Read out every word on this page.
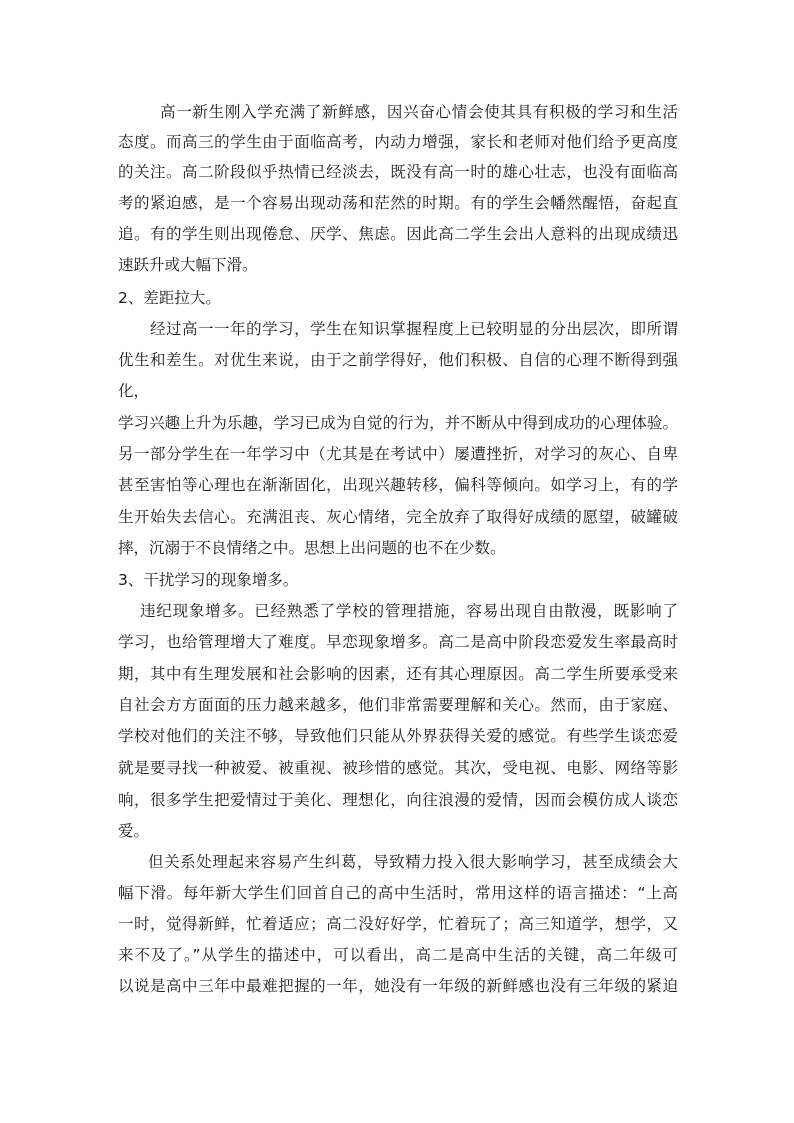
高一新生刚入学充满了新鲜感，因兴奋心情会使其具有积极的学习和生活
态度。而高三的学生由于面临高考，内动力增强，家长和老师对他们给予更高度
的关注。高二阶段似乎热情已经淡去，既没有高一时的雄心壮志，也没有面临高
考的紧迫感，是一个容易出现动荡和茫然的时期。有的学生会幡然醒悟，奋起直
追。有的学生则出现倦怠、厌学、焦虑。因此高二学生会出人意料的出现成绩迅
速跃升或大幅下滑。
2、差距拉大。
经过高一一年的学习，学生在知识掌握程度上已较明显的分出层次，即所谓
优生和差生。对优生来说，由于之前学得好，他们积极、自信的心理不断得到强
化，
学习兴趣上升为乐趣，学习已成为自觉的行为，并不断从中得到成功的心理体验。
另一部分学生在一年学习中（尤其是在考试中）屡遭挫折，对学习的灰心、自卑
甚至害怕等心理也在渐渐固化，出现兴趣转移，偏科等倾向。如学习上，有的学
生开始失去信心。充满沮丧、灰心情绪，完全放弃了取得好成绩的愿望，破罐破
摔，沉溺于不良情绪之中。思想上出问题的也不在少数。
3、干扰学习的现象增多。
违纪现象增多。已经熟悉了学校的管理措施，容易出现自由散漫，既影响了
学习，也给管理增大了难度。早恋现象增多。高二是高中阶段恋爱发生率最高时
期，其中有生理发展和社会影响的因素，还有其心理原因。高二学生所要承受来
自社会方方面面的压力越来越多，他们非常需要理解和关心。然而，由于家庭、
学校对他们的关注不够，导致他们只能从外界获得关爱的感觉。有些学生谈恋爱
就是要寻找一种被爱、被重视、被珍惜的感觉。其次，受电视、电影、网络等影
响，很多学生把爱情过于美化、理想化，向往浪漫的爱情，因而会模仿成人谈恋
爱。
但关系处理起来容易产生纠葛，导致精力投入很大影响学习，甚至成绩会大
幅下滑。每年新大学生们回首自己的高中生活时，常用这样的语言描述：“上高
一时，觉得新鲜，忙着适应；高二没好好学，忙着玩了；高三知道学，想学，又
来不及了。”从学生的描述中，可以看出，高二是高中生活的关键，高二年级可
以说是高中三年中最难把握的一年，她没有一年级的新鲜感也没有三年级的紧迫
